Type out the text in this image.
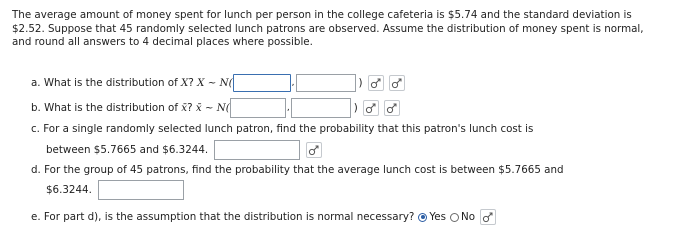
The average amount of money spent for lunch per person in the college cafeteria is $5.74 and the standard deviation is $2.52. Suppose that 45 randomly selected lunch patrons are observed. Assume the distribution of money spent is normal, and round all answers to 4 decimal places where possible.
a. What is the distribution of
X ?
X ~ N(	,	)
b. What is the distribution of
x̄ ?
x̄ ~ N(	,	)
c. For a single randomly selected lunch patron, find the probability that this patron's lunch cost is
between $5.7665 and $6.3244.
d. For the group of 45 patrons, find the probability that the average lunch cost is between $5.7665 and
$6.3244.
e. For part d), is the assumption that the distribution is normal necessary? Yes No
